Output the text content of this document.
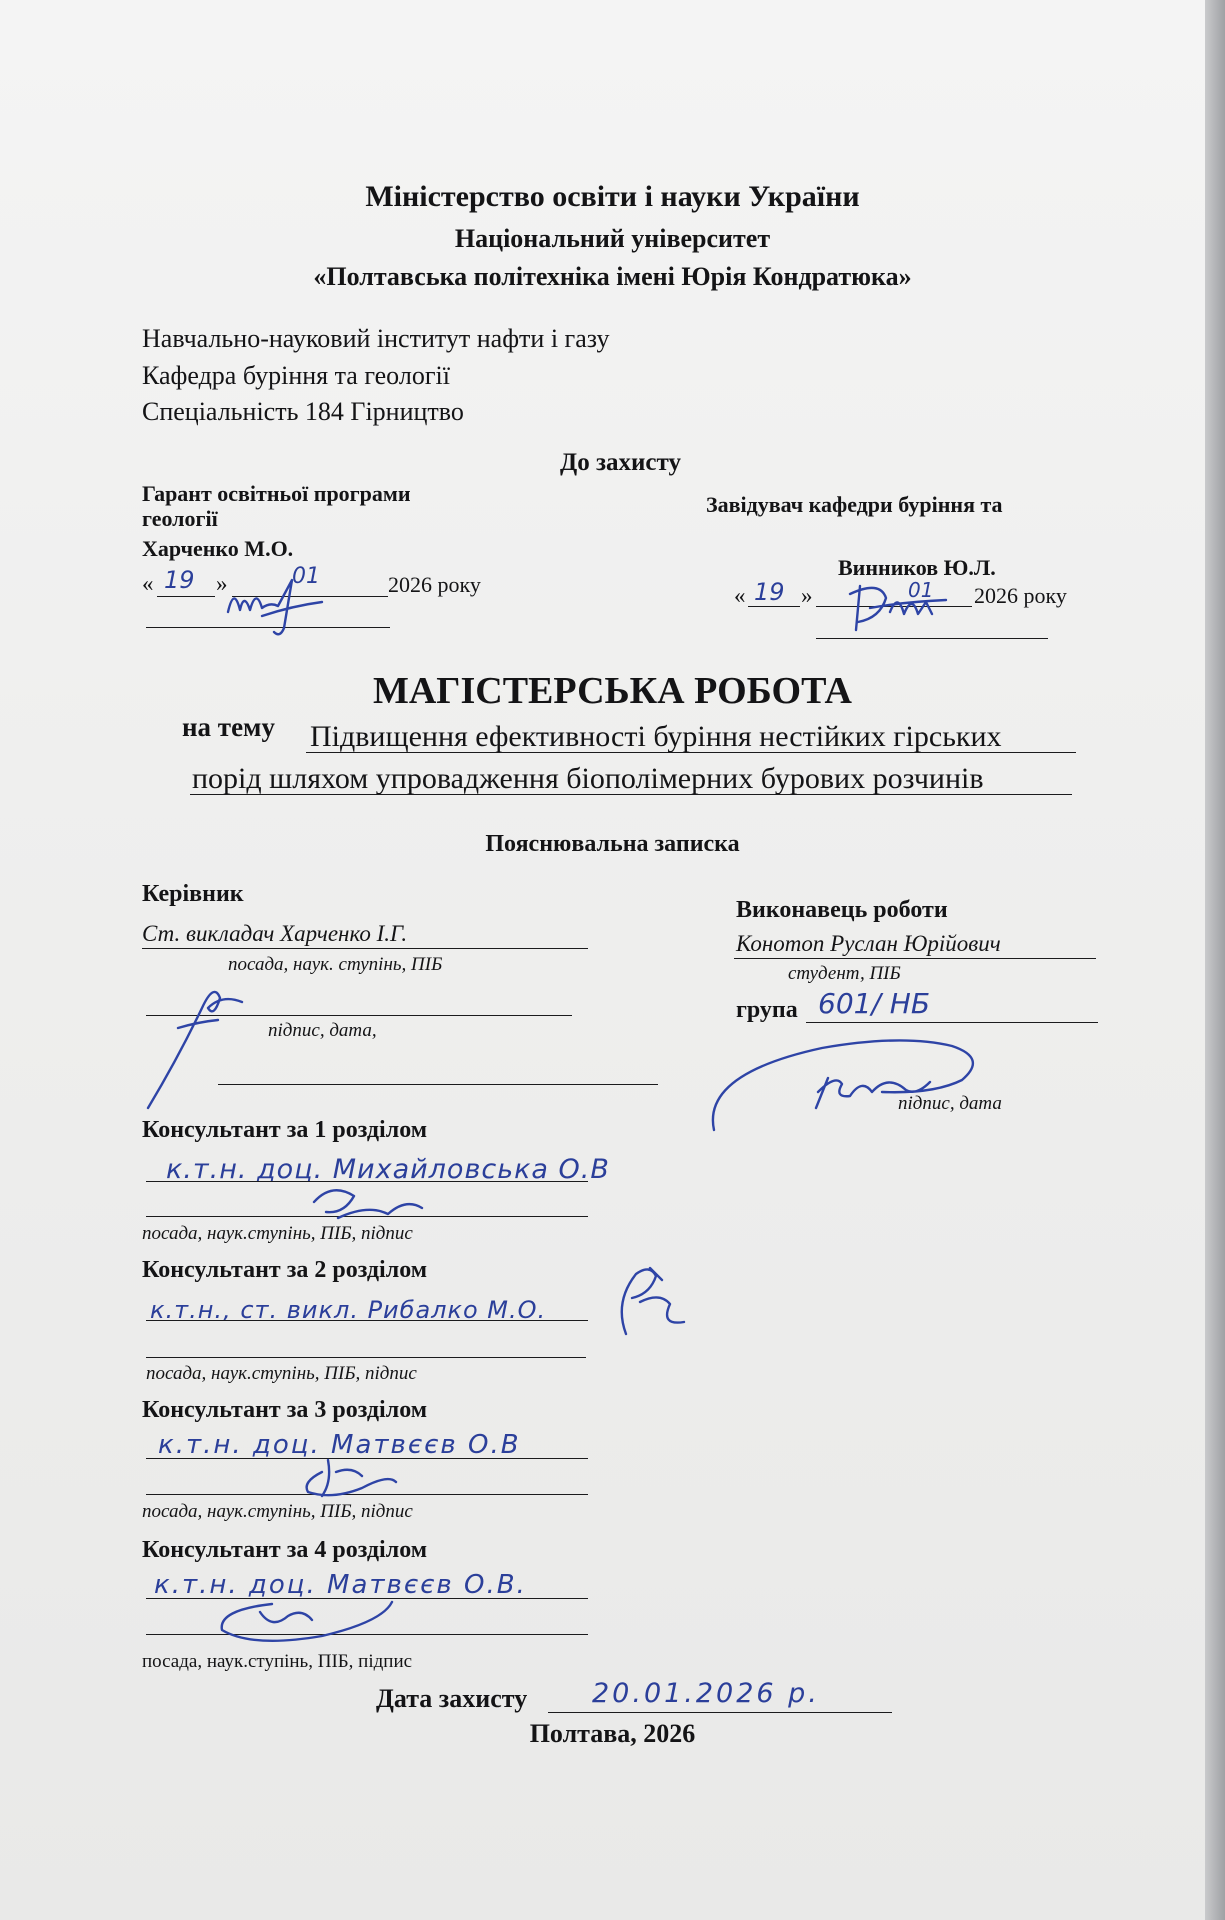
Міністерство освіти і науки України
Національний університет
«Полтавська політехніка імені Юрія Кондратюка»
Навчально-науковий інститут нафти і газу
Кафедра буріння та геології
Спеціальність 184 Гірництво
До захисту
Гарант освітньої програми
геології
Харченко М.О.
« 19 »	01	2026 року
Завідувач кафедри буріння та
Винников Ю.Л.
« 19 »	01 2026 року
МАГІСТЕРСЬКА РОБОТА
на тему Підвищення ефективності буріння нестійких гірських
порід шляхом упровадження біополімерних бурових розчинів
Пояснювальна записка
Керівник
Ст. викладач Харченко І.Г.
посада, наук. ступінь, ПІБ
підпис, дата,
Виконавець роботи
Конотоп Руслан Юрійович
студент, ПІБ
група 601/ НБ
підпис, дата
Консультант за 1 розділом
к.т.н. доц. Михайловська О.В
посада, наук.ступінь, ПІБ, підпис
Консультант за 2 розділом
к.т.н., ст. викл. Рибалко М.О.
посада, наук.ступінь, ПІБ, підпис
Консультант за 3 розділом
к.т.н. доц. Матвєєв О.В
посада, наук.ступінь, ПІБ, підпис
Консультант за 4 розділом
к.т.н. доц. Матвєєв О.В.
посада, наук.ступінь, ПІБ, підпис
Дата захисту 20.01.2026 р.
Полтава, 2026
